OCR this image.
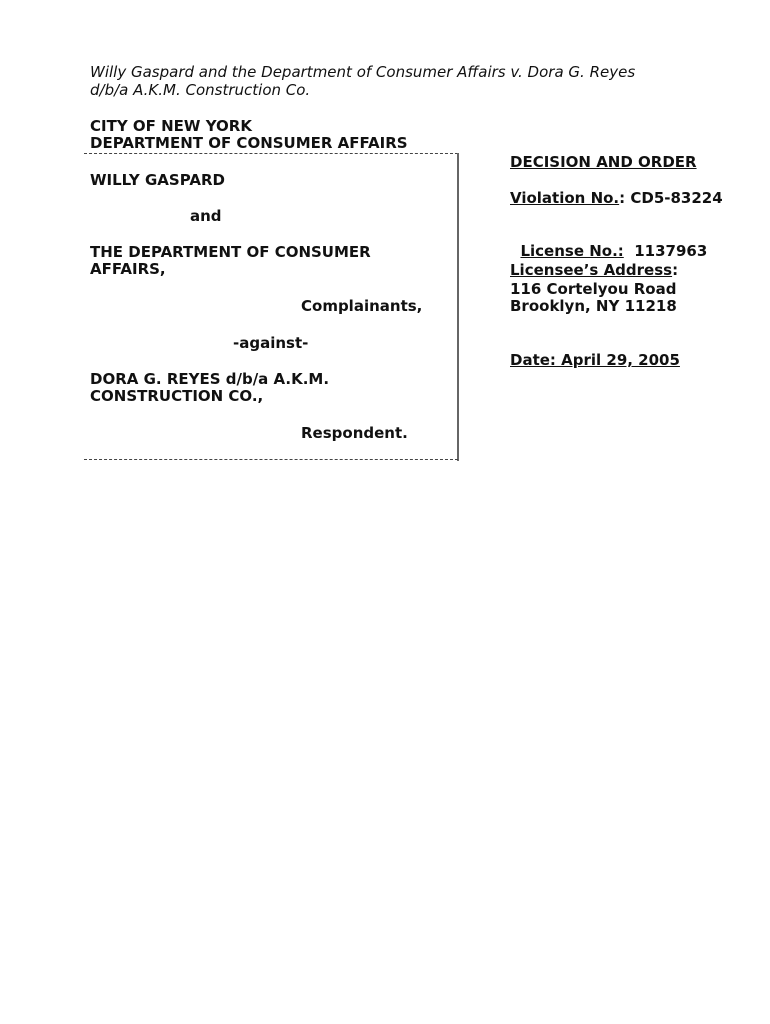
Willy Gaspard and the Department of Consumer Affairs v. Dora G. Reyes
d/b/a A.K.M. Construction Co.
CITY OF NEW YORK
DEPARTMENT OF CONSUMER AFFAIRS
WILLY GASPARD
and
THE DEPARTMENT OF CONSUMER
AFFAIRS,
Complainants,
-against-
DORA G. REYES d/b/a A.K.M.
CONSTRUCTION CO.,
Respondent.
DECISION AND ORDER
Violation No.: CD5-83224

License No.:  1137963

Licensee’s Address:
116 Cortelyou Road
Brooklyn, NY 11218
Date: April 29, 2005
